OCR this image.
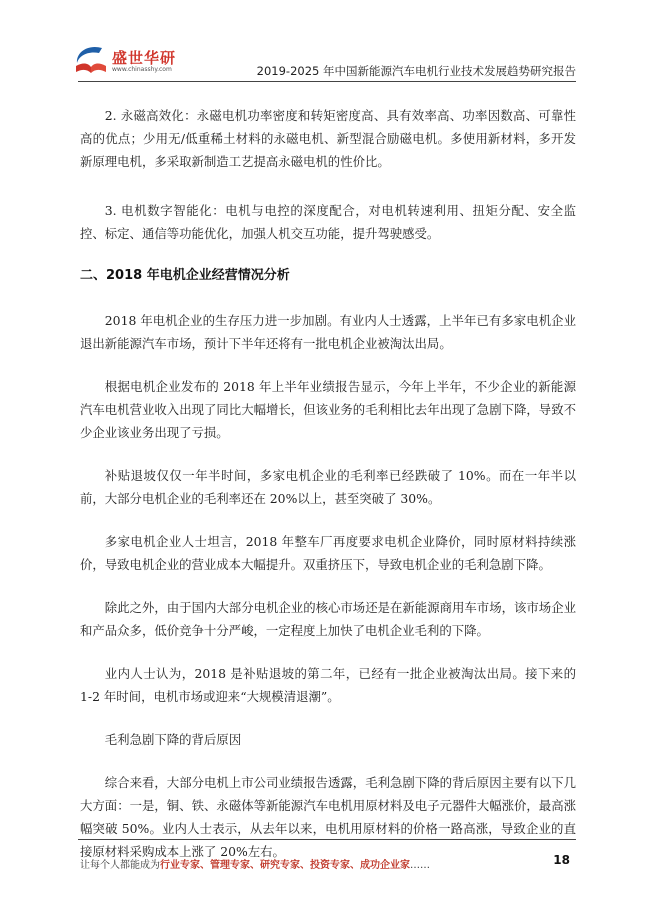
盛世华研
www.chinasshy.com	2019-2025 年中国新能源汽车电机行业技术发展趋势研究报告

2. 永磁高效化：永磁电机功率密度和转矩密度高、具有效率高、功率因数高、可靠性高的优点；少用无/低重稀土材料的永磁电机、新型混合励磁电机。多使用新材料，多开发新原理电机，多采取新制造工艺提高永磁电机的性价比。

3. 电机数字智能化：电机与电控的深度配合，对电机转速利用、扭矩分配、安全监控、标定、通信等功能优化，加强人机交互功能，提升驾驶感受。

二、2018 年电机企业经营情况分析

2018 年电机企业的生存压力进一步加剧。有业内人士透露，上半年已有多家电机企业退出新能源汽车市场，预计下半年还将有一批电机企业被淘汰出局。

根据电机企业发布的 2018 年上半年业绩报告显示，今年上半年，不少企业的新能源汽车电机营业收入出现了同比大幅增长，但该业务的毛利相比去年出现了急剧下降，导致不少企业该业务出现了亏损。

补贴退坡仅仅一年半时间，多家电机企业的毛利率已经跌破了 10%。而在一年半以前，大部分电机企业的毛利率还在 20%以上，甚至突破了 30%。

多家电机企业人士坦言，2018 年整车厂再度要求电机企业降价，同时原材料持续涨价，导致电机企业的营业成本大幅提升。双重挤压下，导致电机企业的毛利急剧下降。

除此之外，由于国内大部分电机企业的核心市场还是在新能源商用车市场，该市场企业和产品众多，低价竞争十分严峻，一定程度上加快了电机企业毛利的下降。

业内人士认为，2018 是补贴退坡的第二年，已经有一批企业被淘汰出局。接下来的 1-2 年时间，电机市场或迎来“大规模清退潮”。

毛利急剧下降的背后原因

综合来看，大部分电机上市公司业绩报告透露，毛利急剧下降的背后原因主要有以下几大方面：一是，铜、铁、永磁体等新能源汽车电机用原材料及电子元器件大幅涨价，最高涨幅突破 50%。业内人士表示，从去年以来，电机用原材料的价格一路高涨，导致企业的直接原材料采购成本上涨了 20%左右。

让每个人都能成为行业专家、管理专家、研究专家、投资专家、成功企业家……	18
